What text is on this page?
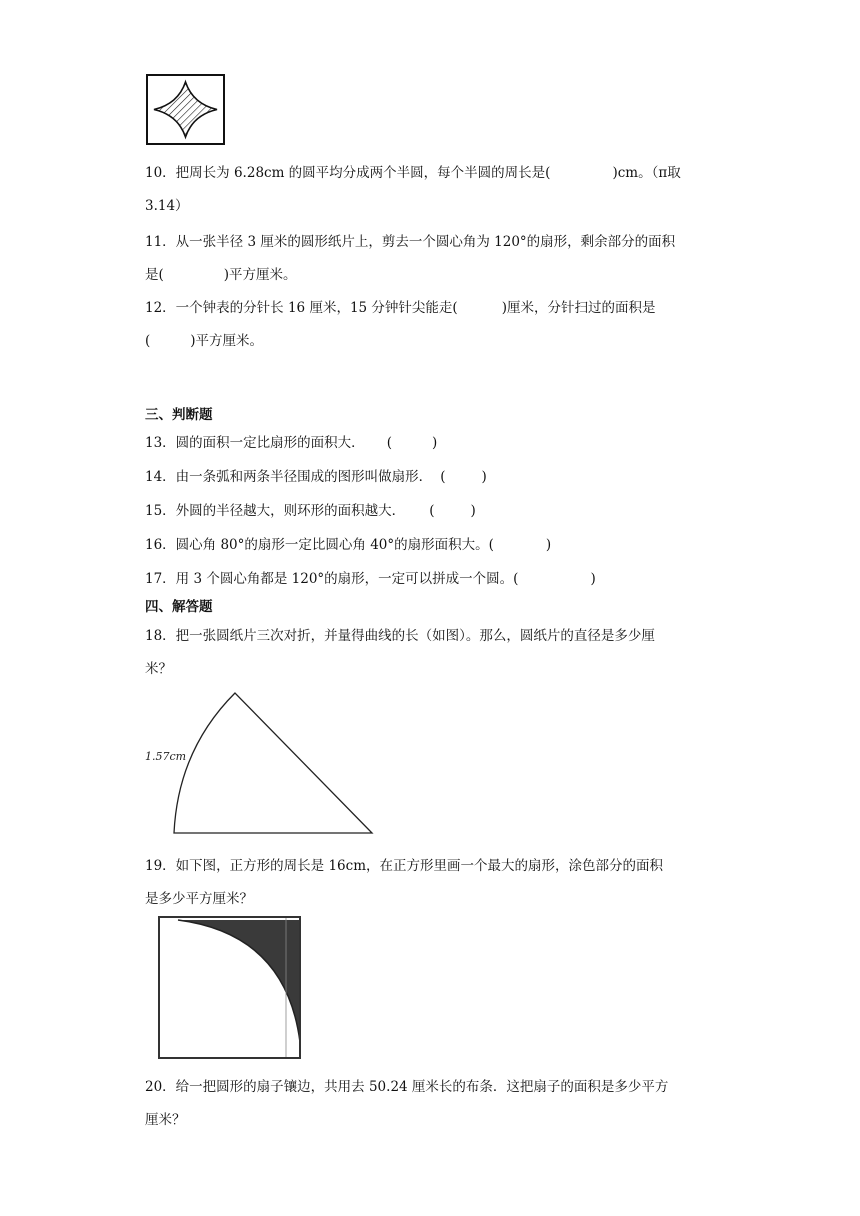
10．把周长为 6.28cm 的圆平均分成两个半圆，每个半圆的周长是(	)cm。（π取
3.14）
11．从一张半径 3 厘米的圆形纸片上，剪去一个圆心角为 120°的扇形，剩余部分的面积
是(	)平方厘米。
12．一个钟表的分针长 16 厘米，15 分钟针尖能走(	)厘米，分针扫过的面积是
(	)平方厘米。
三、判断题
13．圆的面积一定比扇形的面积大． (	)
14．由一条弧和两条半径围成的图形叫做扇形． (	)
15．外圆的半径越大，则环形的面积越大． (	)
16．圆心角 80°的扇形一定比圆心角 40°的扇形面积大。(	)
17．用 3 个圆心角都是 120°的扇形，一定可以拼成一个圆。(	)
四、解答题
18．把一张圆纸片三次对折，并量得曲线的长（如图）。那么，圆纸片的直径是多少厘
米？
1.57cm
19．如下图，正方形的周长是 16cm，在正方形里画一个最大的扇形，涂色部分的面积
是多少平方厘米？
20．给一把圆形的扇子镶边，共用去 50.24 厘米长的布条．这把扇子的面积是多少平方
厘米？
